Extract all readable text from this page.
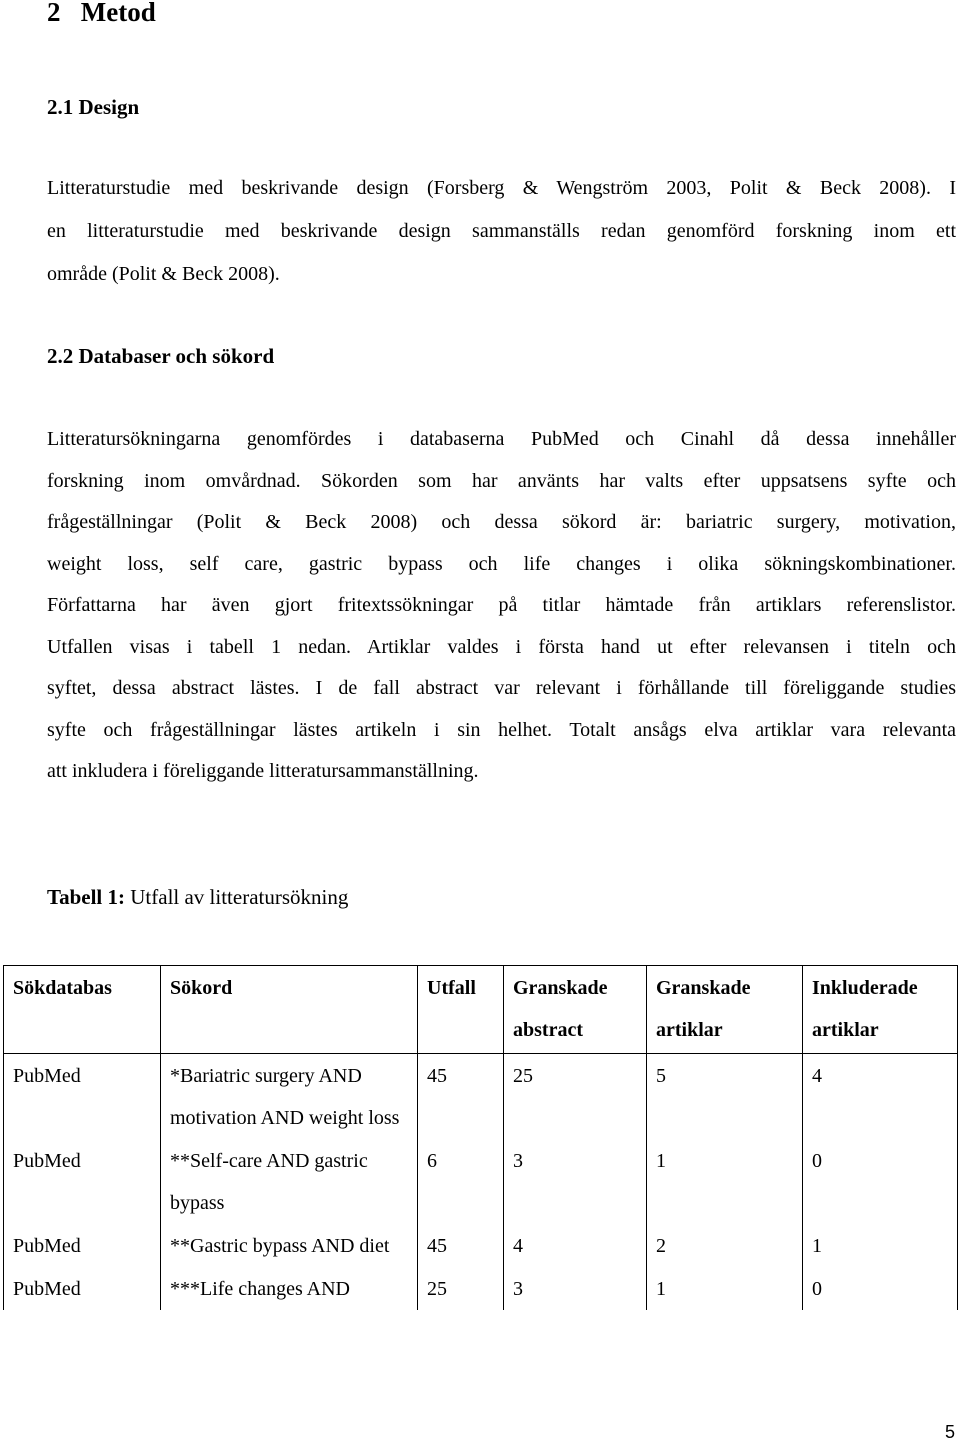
2 Metod
2.1 Design
Litteraturstudie med beskrivande design (Forsberg & Wengström 2003, Polit & Beck 2008). I
en litteraturstudie med beskrivande design sammanställs redan genomförd forskning inom ett
område (Polit & Beck 2008).
2.2 Databaser och sökord
Litteratursökningarna genomfördes i databaserna PubMed och Cinahl då dessa innehåller
forskning inom omvårdnad. Sökorden som har använts har valts efter uppsatsens syfte och
frågeställningar (Polit & Beck 2008) och dessa sökord är: bariatric surgery, motivation,
weight loss, self care, gastric bypass och life changes i olika sökningskombinationer.
Författarna har även gjort fritextssökningar på titlar hämtade från artiklars referenslistor.
Utfallen visas i tabell 1 nedan. Artiklar valdes i första hand ut efter relevansen i titeln och
syftet, dessa abstract lästes. I de fall abstract var relevant i förhållande till föreliggande studies
syfte och frågeställningar lästes artikeln i sin helhet. Totalt ansågs elva artiklar vara relevanta
att inkludera i föreliggande litteratursammanställning.
Tabell 1: Utfall av litteratursökning
Sökdatabas	Sökord	Utfall	Granskade abstract	Granskade artiklar	Inkluderade artiklar
PubMed	*Bariatric surgery AND motivation AND weight loss	45	25	5	4
PubMed	**Self-care AND gastric bypass	6	3	1	0
PubMed	**Gastric bypass AND diet	45	4	2	1
PubMed	***Life changes AND	25	3	1	0
5
